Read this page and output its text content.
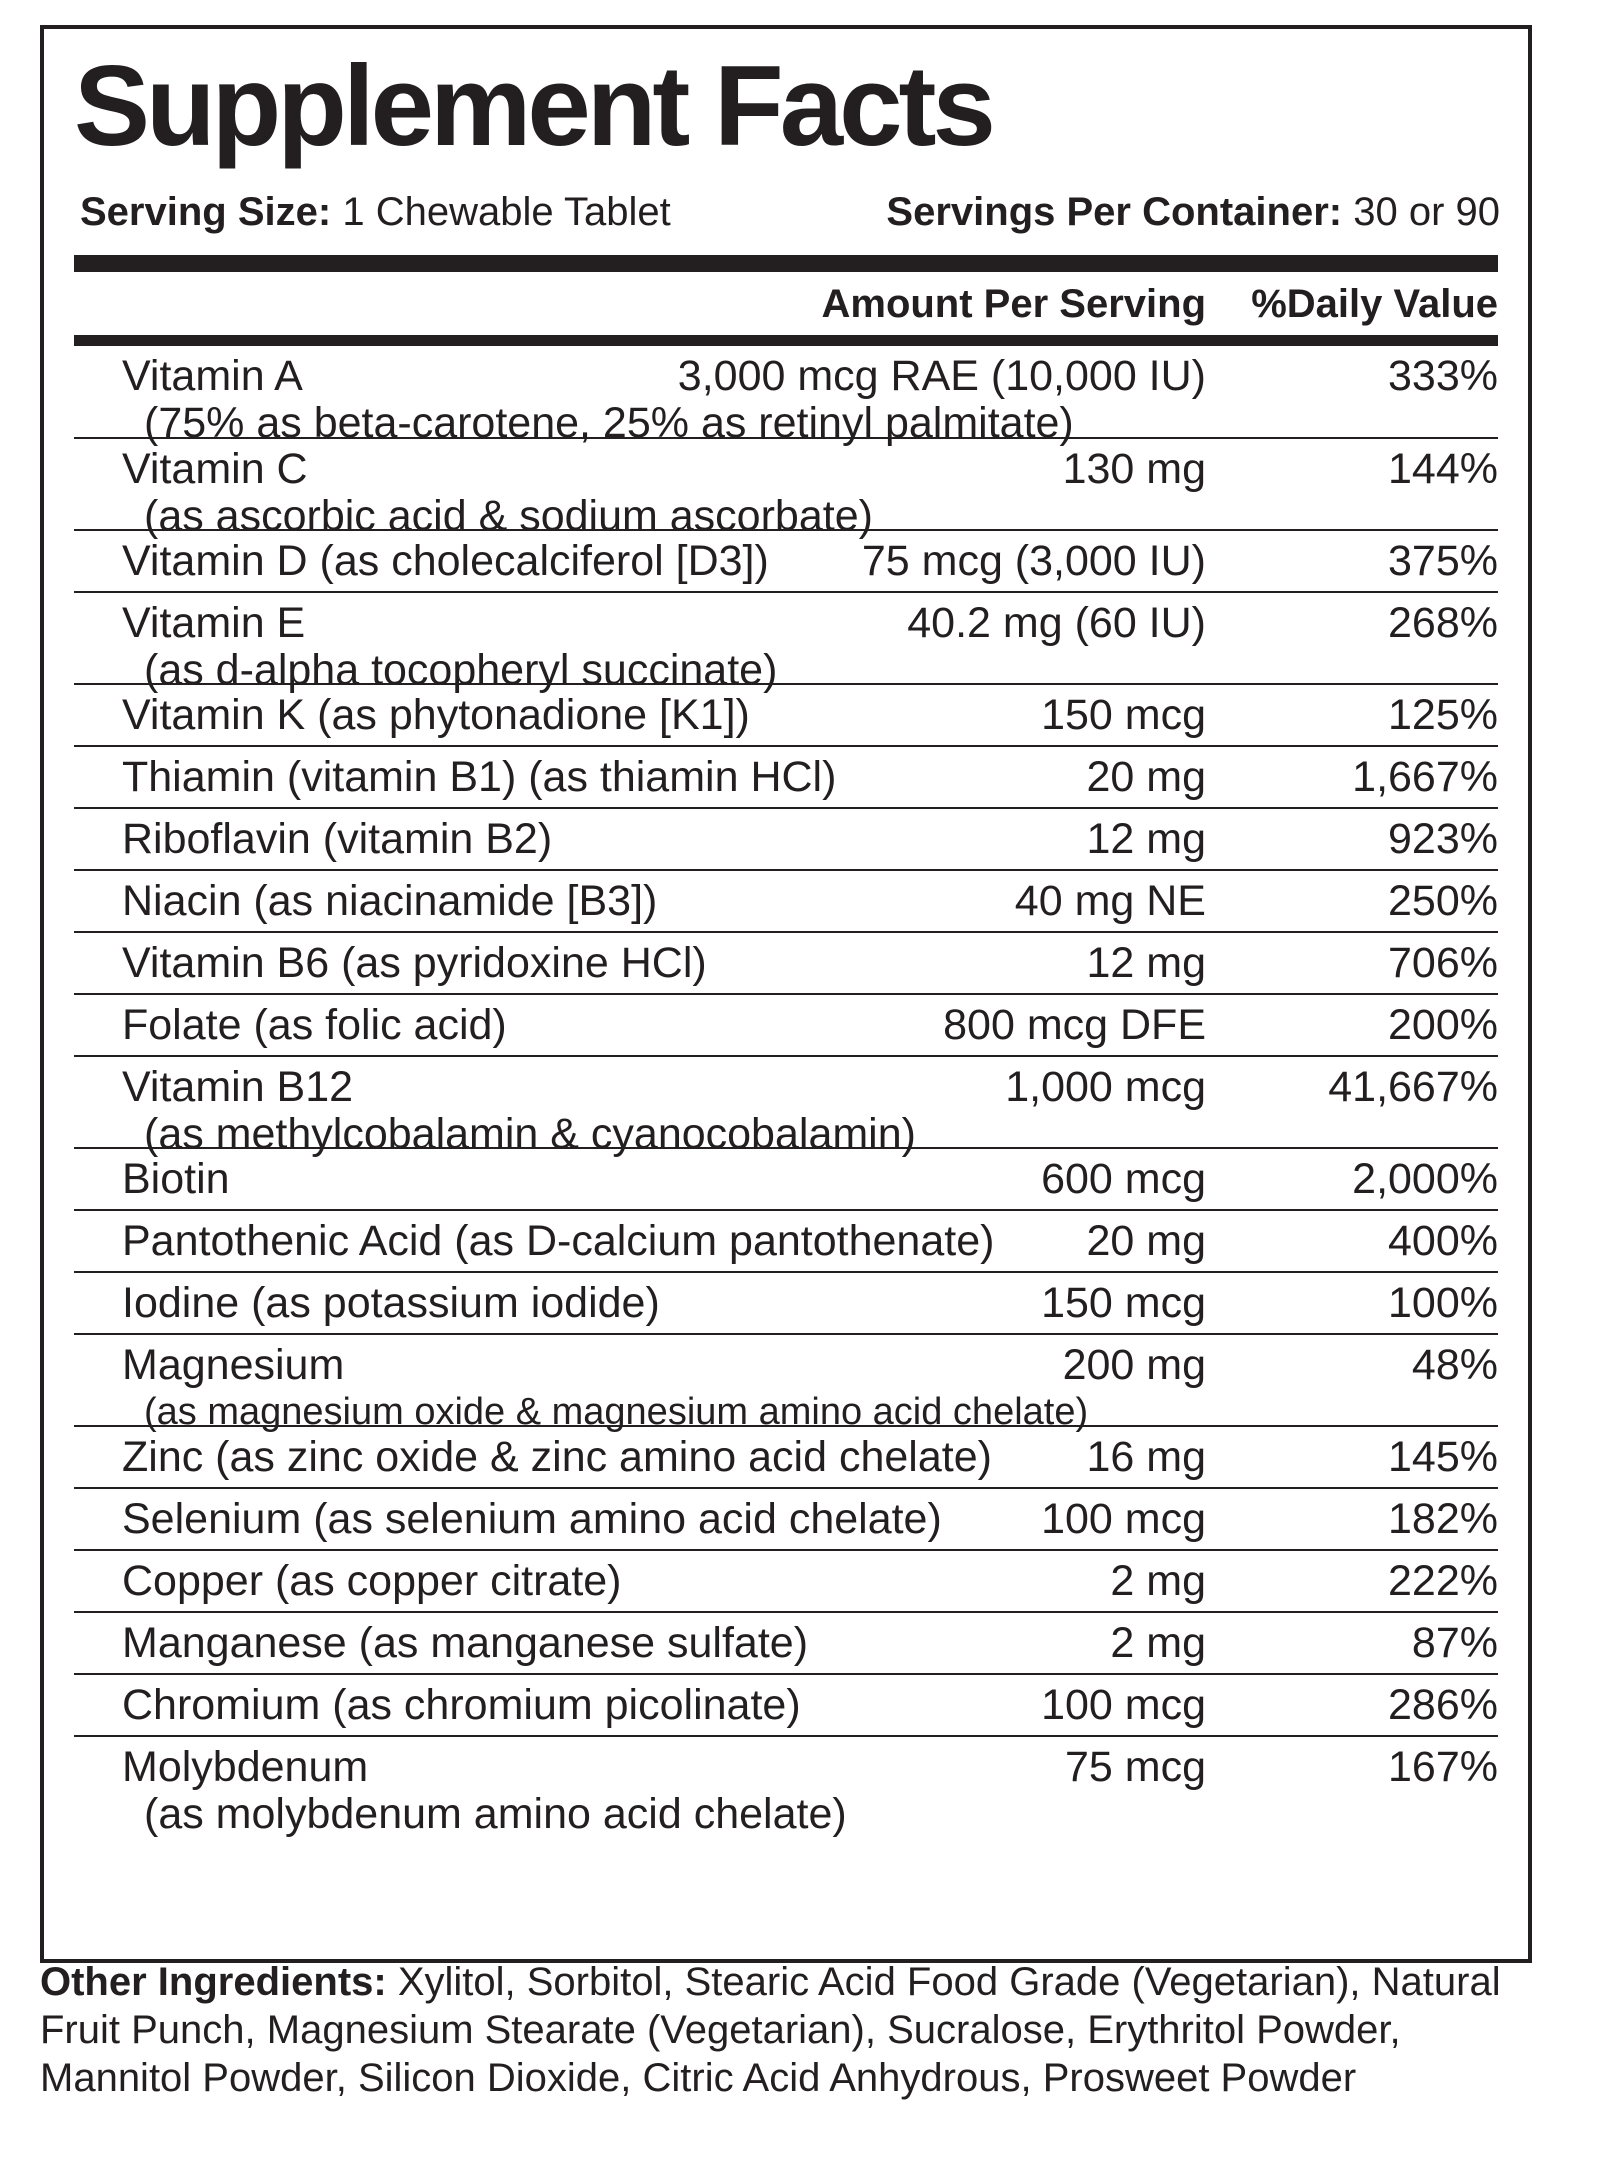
Supplement Facts
Serving Size: 1 Chewable Tablet	Servings Per Container: 30 or 90
Amount Per Serving %Daily Value
Vitamin A	3,000 mcg RAE (10,000 IU)	333%
(75% as beta-carotene, 25% as retinyl palmitate)
Vitamin C	130 mg	144%
(as ascorbic acid & sodium ascorbate)
Vitamin D (as cholecalciferol [D3]) 75 mcg (3,000 IU)	375%
Vitamin E	40.2 mg (60 IU)	268%
(as d-alpha tocopheryl succinate)
Vitamin K (as phytonadione [K1])	150 mcg	125%
Thiamin (vitamin B1) (as thiamin HCl)	20 mg	1,667%
Riboflavin (vitamin B2)	12 mg	923%
Niacin (as niacinamide [B3])	40 mg NE	250%
Vitamin B6 (as pyridoxine HCl)	12 mg	706%
Folate (as folic acid)	800 mcg DFE	200%
Vitamin B12	1,000 mcg	41,667%
(as methylcobalamin & cyanocobalamin)
Biotin	600 mcg	2,000%
Pantothenic Acid (as D-calcium pantothenate) 20 mg	400%
Iodine (as potassium iodide)	150 mcg	100%
Magnesium	200 mg	48%
(as magnesium oxide & magnesium amino acid chelate)
Zinc (as zinc oxide & zinc amino acid chelate) 16 mg	145%
Selenium (as selenium amino acid chelate) 100 mcg	182%
Copper (as copper citrate)	2 mg	222%
Manganese (as manganese sulfate)	2 mg	87%
Chromium (as chromium picolinate)	100 mcg	286%
Molybdenum	75 mcg	167%
(as molybdenum amino acid chelate)
Other Ingredients: Xylitol, Sorbitol, Stearic Acid Food Grade (Vegetarian), Natural Fruit Punch, Magnesium Stearate (Vegetarian), Sucralose, Erythritol Powder, Mannitol Powder, Silicon Dioxide, Citric Acid Anhydrous, Prosweet Powder
